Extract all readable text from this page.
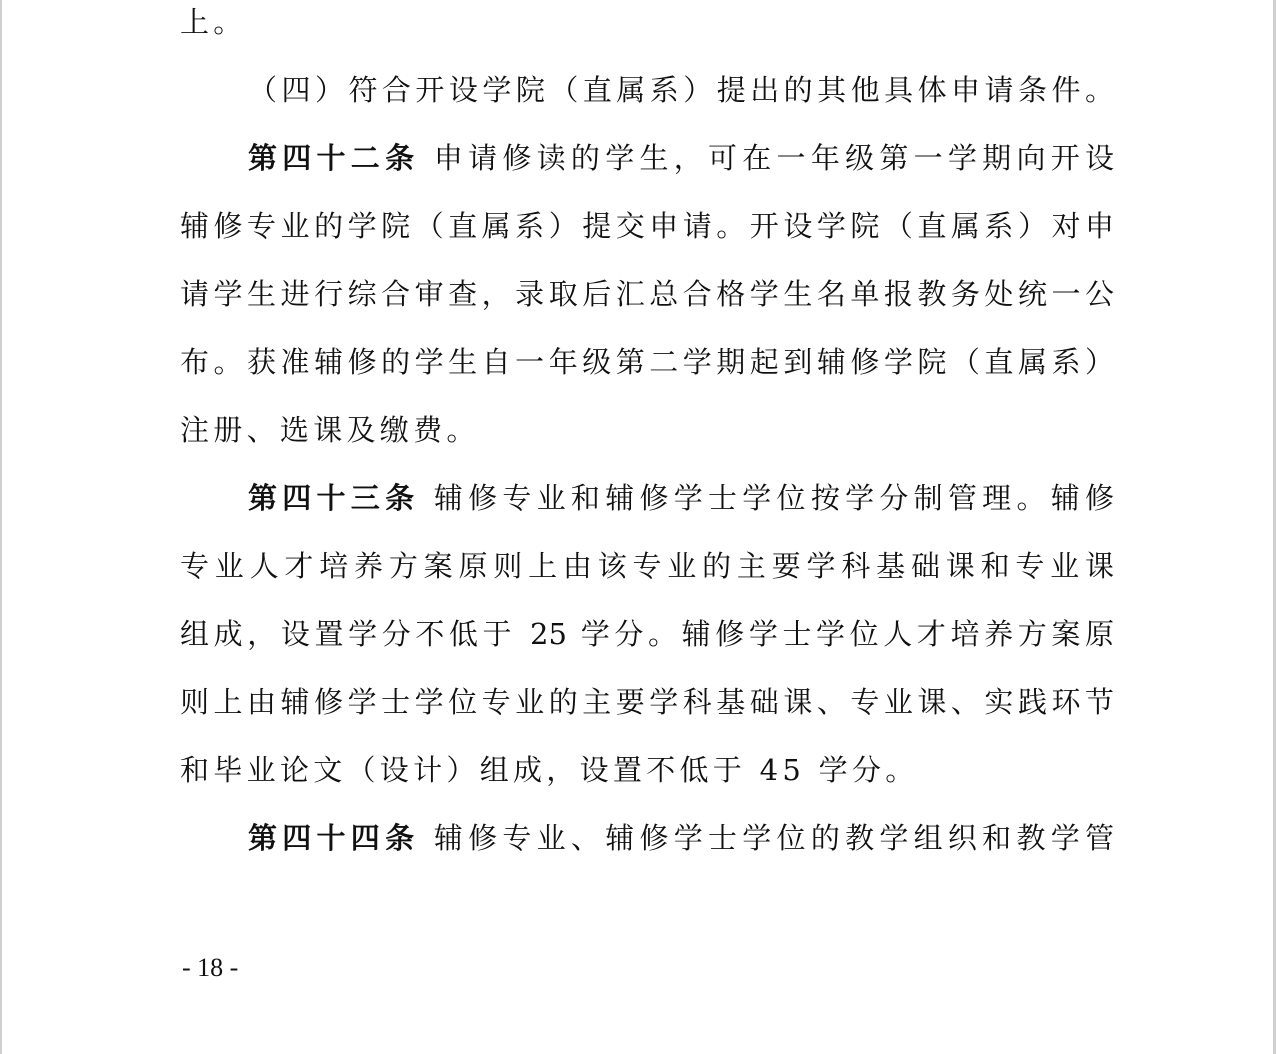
上。
（四）符合开设学院（直属系）提出的其他具体申请条件。
第四十二条 申请修读的学生，可在一年级第一学期向开设
辅修专业的学院（直属系）提交申请。开设学院（直属系）对申
请学生进行综合审查，录取后汇总合格学生名单报教务处统一公
布。获准辅修的学生自一年级第二学期起到辅修学院（直属系）
注册、选课及缴费。
第四十三条 辅修专业和辅修学士学位按学分制管理。辅修
专业人才培养方案原则上由该专业的主要学科基础课和专业课
组成，设置学分不低于 25 学分。辅修学士学位人才培养方案原
则上由辅修学士学位专业的主要学科基础课、专业课、实践环节
和毕业论文（设计）组成，设置不低于 45 学分。
第四十四条 辅修专业、辅修学士学位的教学组织和教学管
- 18 -
